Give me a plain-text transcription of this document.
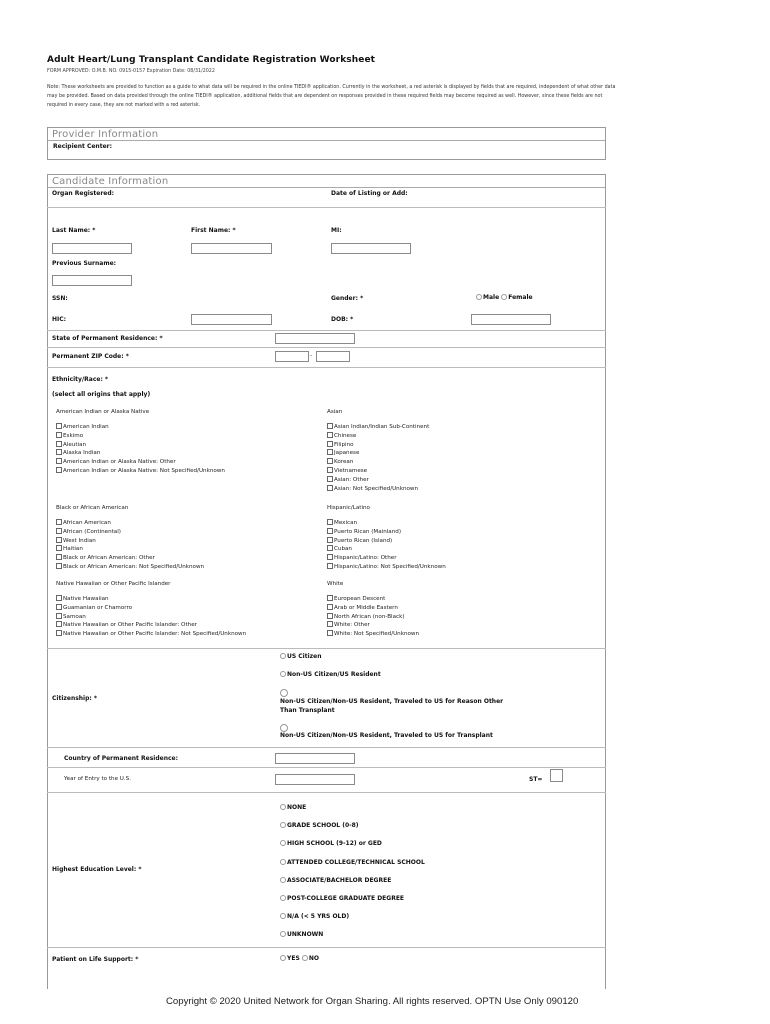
Adult Heart/Lung Transplant Candidate Registration Worksheet
FORM APPROVED: O.M.B. NO. 0915-0157 Expiration Date: 08/31/2022
Note: These worksheets are provided to function as a guide to what data will be required in the online TIEDI® application. Currently in the worksheet, a red asterisk is displayed by fields that are required, independent of what other data may be provided. Based on data provided through the online TIEDI® application, additional fields that are dependent on responses provided in these required fields may become required as well. However, since these fields are not required in every case, they are not marked with a red asterisk.
Provider Information
Recipient Center:
Candidate Information
Organ Registered:	Date of Listing or Add:
Last Name: *	First Name: *	MI:
Previous Surname:
SSN:	Gender: *	Male Female
HIC:	DOB: *
State of Permanent Residence: *
Permanent ZIP Code: *	-
Ethnicity/Race: *
(select all origins that apply)
American Indian or Alaska Native
American Indian
Eskimo
Aleutian
Alaska Indian
American Indian or Alaska Native: Other
American Indian or Alaska Native: Not Specified/Unknown
Asian
Asian Indian/Indian Sub-Continent
Chinese
Filipino
Japanese
Korean
Vietnamese
Asian: Other
Asian: Not Specified/Unknown
Black or African American
African American
African (Continental)
West Indian
Haitian
Black or African American: Other
Black or African American: Not Specified/Unknown
Hispanic/Latino
Mexican
Puerto Rican (Mainland)
Puerto Rican (Island)
Cuban
Hispanic/Latino: Other
Hispanic/Latino: Not Specified/Unknown
Native Hawaiian or Other Pacific Islander
Native Hawaiian
Guamanian or Chamorro
Samoan
Native Hawaiian or Other Pacific Islander: Other
Native Hawaiian or Other Pacific Islander: Not Specified/Unknown
White
European Descent
Arab or Middle Eastern
North African (non-Black)
White: Other
White: Not Specified/Unknown
Citizenship: *
US Citizen
Non-US Citizen/US Resident
Non-US Citizen/Non-US Resident, Traveled to US for Reason Other Than Transplant
Non-US Citizen/Non-US Resident, Traveled to US for Transplant
Country of Permanent Residence:
Year of Entry to the U.S.	ST=
Highest Education Level: *
NONE
GRADE SCHOOL (0-8)
HIGH SCHOOL (9-12) or GED
ATTENDED COLLEGE/TECHNICAL SCHOOL
ASSOCIATE/BACHELOR DEGREE
POST-COLLEGE GRADUATE DEGREE
N/A (< 5 YRS OLD)
UNKNOWN
Patient on Life Support: *	YES NO
Copyright © 2020 United Network for Organ Sharing. All rights reserved. OPTN Use Only 090120
